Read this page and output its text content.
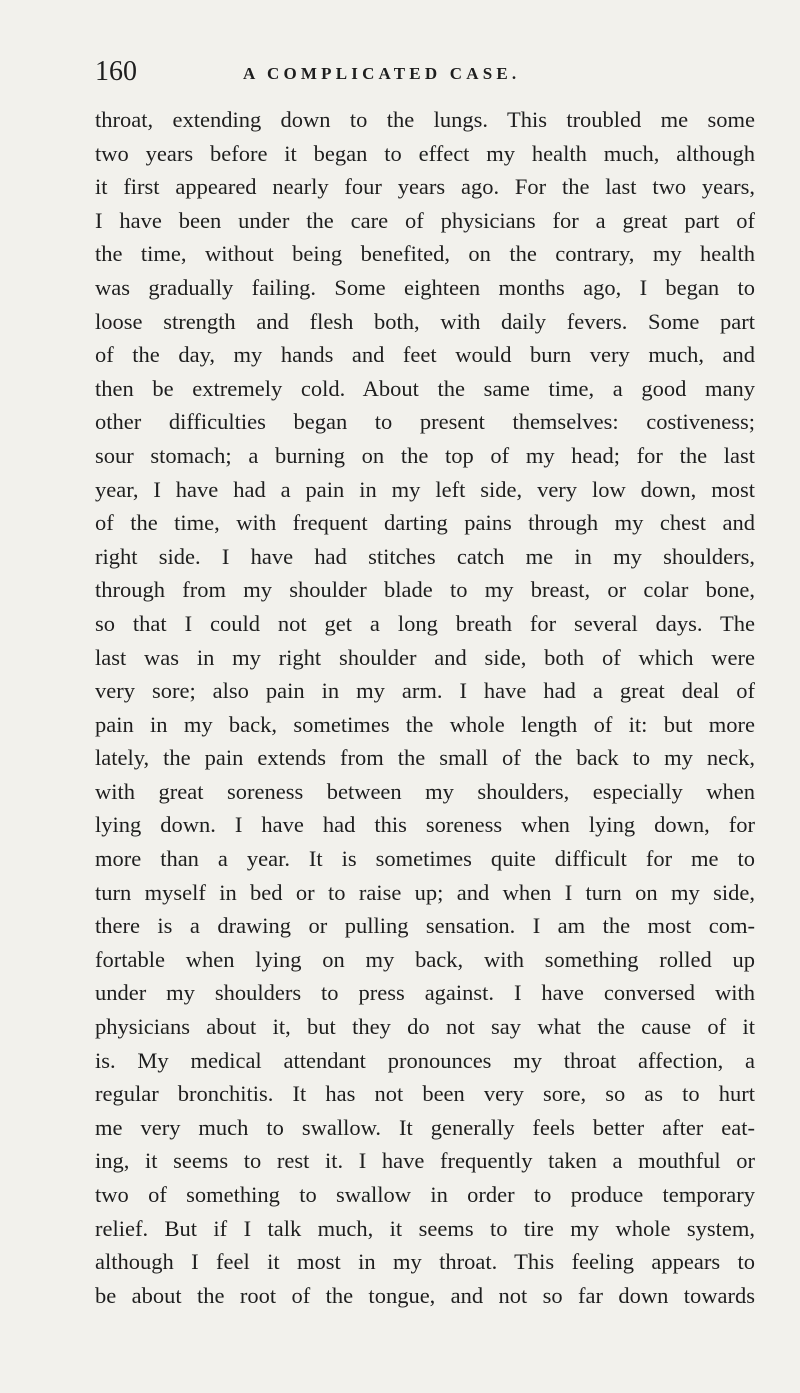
160	A COMPLICATED CASE.
throat, extending down to the lungs. This troubled me some
two years before it began to effect my health much, although
it first appeared nearly four years ago. For the last two years,
I have been under the care of physicians for a great part of
the time, without being benefited, on the contrary, my health
was gradually failing. Some eighteen months ago, I began to
loose strength and flesh both, with daily fevers. Some part
of the day, my hands and feet would burn very much, and
then be extremely cold. About the same time, a good many
other difficulties began to present themselves: costiveness;
sour stomach; a burning on the top of my head; for the last
year, I have had a pain in my left side, very low down, most
of the time, with frequent darting pains through my chest and
right side. I have had stitches catch me in my shoulders,
through from my shoulder blade to my breast, or colar bone,
so that I could not get a long breath for several days. The
last was in my right shoulder and side, both of which were
very sore; also pain in my arm. I have had a great deal of
pain in my back, sometimes the whole length of it: but more
lately, the pain extends from the small of the back to my neck,
with great soreness between my shoulders, especially when
lying down. I have had this soreness when lying down, for
more than a year. It is sometimes quite difficult for me to
turn myself in bed or to raise up; and when I turn on my side,
there is a drawing or pulling sensation. I am the most com-
fortable when lying on my back, with something rolled up
under my shoulders to press against. I have conversed with
physicians about it, but they do not say what the cause of it
is. My medical attendant pronounces my throat affection, a
regular bronchitis. It has not been very sore, so as to hurt
me very much to swallow. It generally feels better after eat-
ing, it seems to rest it. I have frequently taken a mouthful or
two of something to swallow in order to produce temporary
relief. But if I talk much, it seems to tire my whole system,
although I feel it most in my throat. This feeling appears to
be about the root of the tongue, and not so far down towards
